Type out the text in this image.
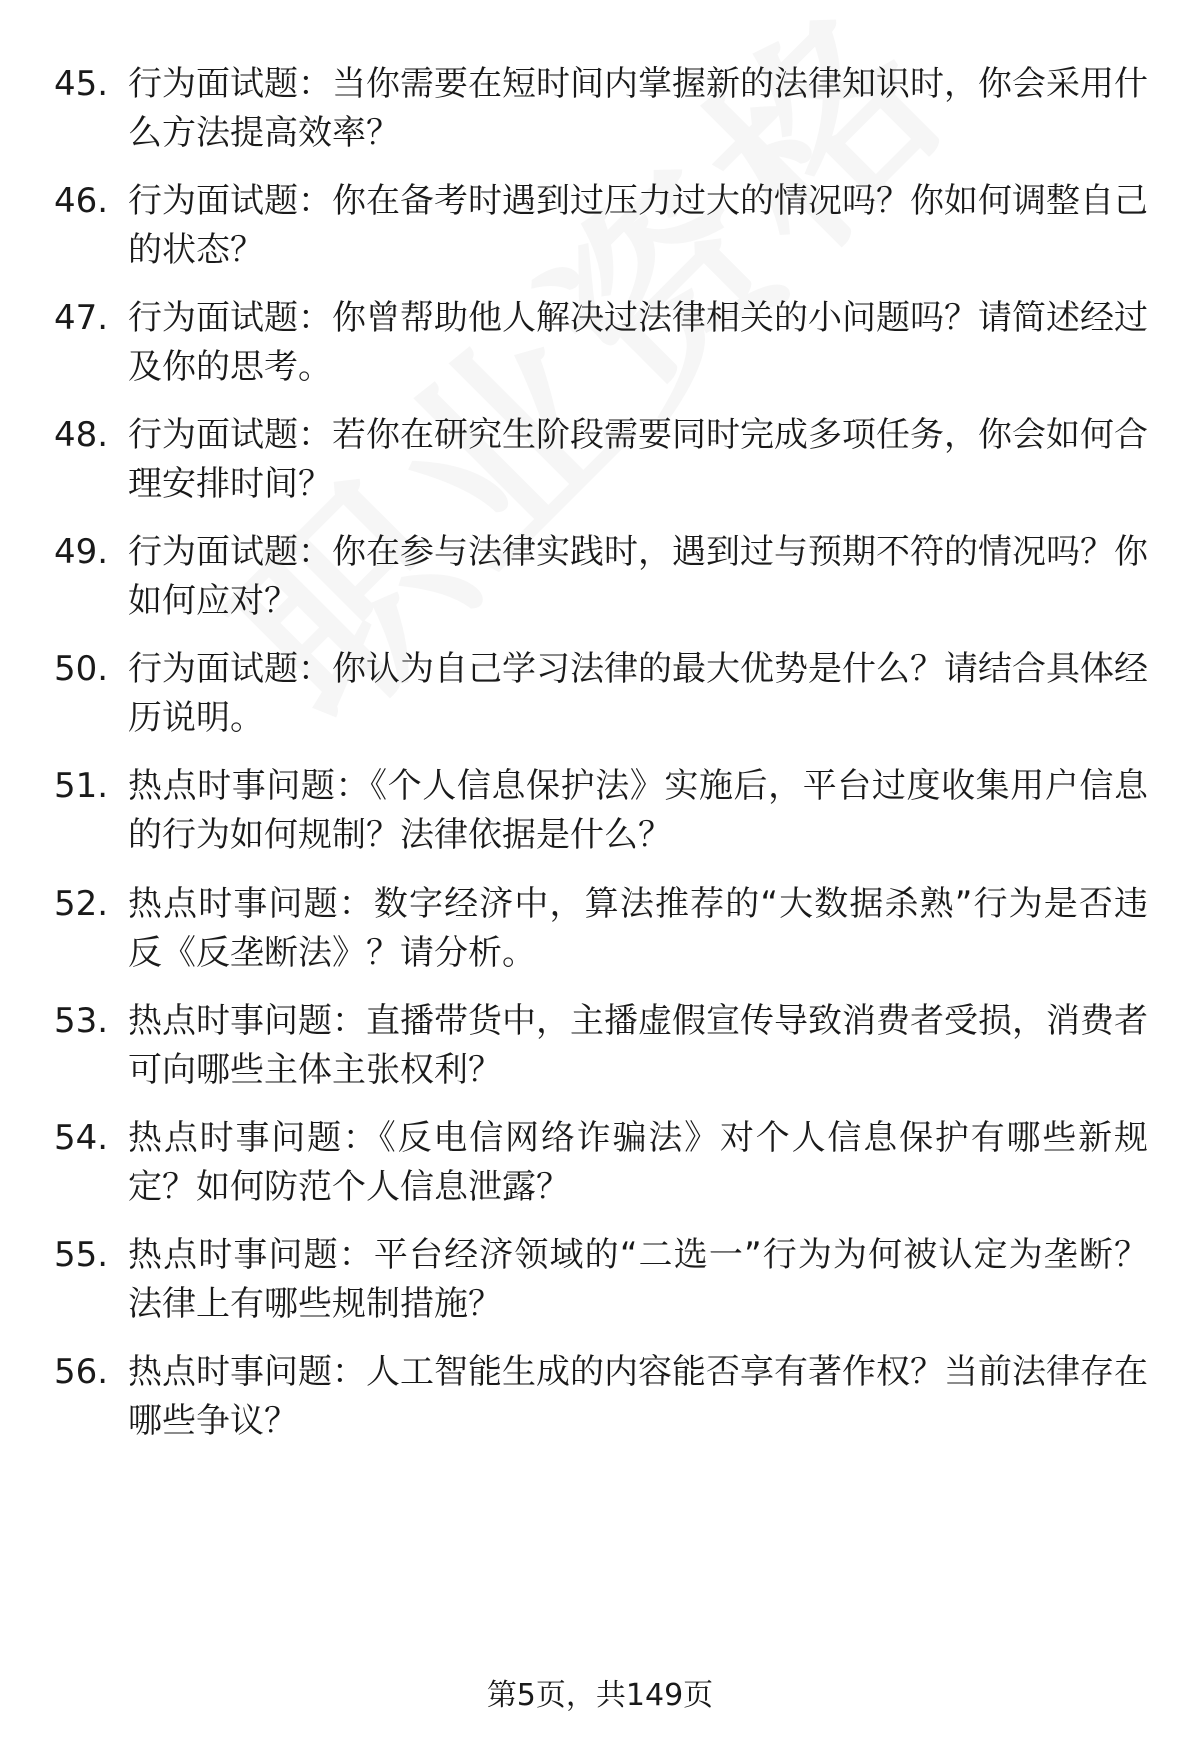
45. 行为面试题：当你需要在短时间内掌握新的法律知识时，你会采用什么方法提高效率？
46. 行为面试题：你在备考时遇到过压力过大的情况吗？你如何调整自己的状态？
47. 行为面试题：你曾帮助他人解决过法律相关的小问题吗？请简述经过及你的思考。
48. 行为面试题：若你在研究生阶段需要同时完成多项任务，你会如何合理安排时间？
49. 行为面试题：你在参与法律实践时，遇到过与预期不符的情况吗？你如何应对？
50. 行为面试题：你认为自己学习法律的最大优势是什么？请结合具体经历说明。
51. 热点时事问题：《个人信息保护法》实施后，平台过度收集用户信息的行为如何规制？法律依据是什么？
52. 热点时事问题：数字经济中，算法推荐的“大数据杀熟”行为是否违反《反垄断法》？请分析。
53. 热点时事问题：直播带货中，主播虚假宣传导致消费者受损，消费者可向哪些主体主张权利？
54. 热点时事问题：《反电信网络诈骗法》对个人信息保护有哪些新规定？如何防范个人信息泄露？
55. 热点时事问题：平台经济领域的“二选一”行为为何被认定为垄断？法律上有哪些规制措施？
56. 热点时事问题：人工智能生成的内容能否享有著作权？当前法律存在哪些争议？
第5页，共149页
